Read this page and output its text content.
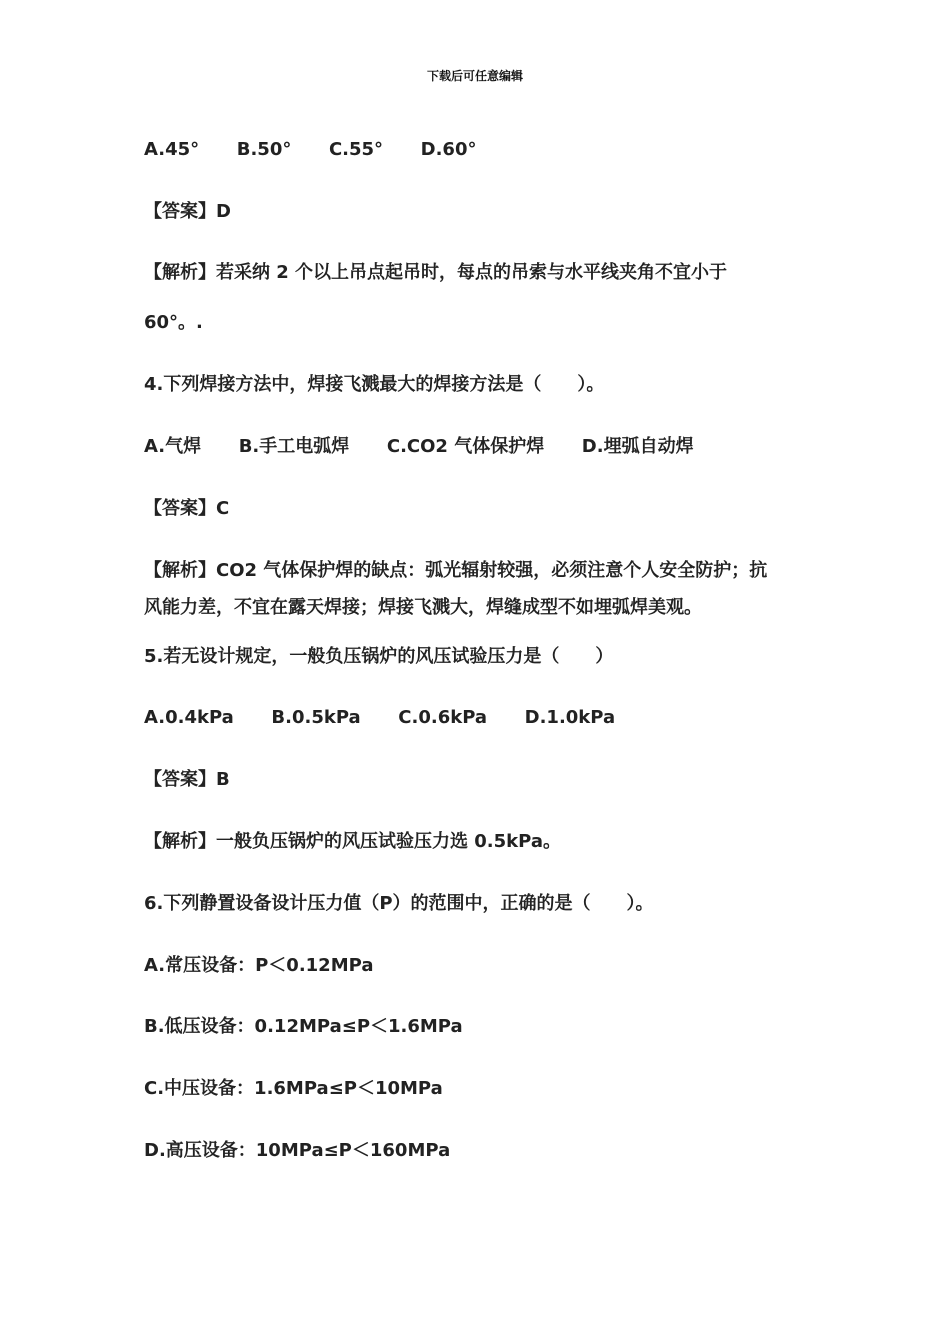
下载后可任意编辑
A.45°      B.50°      C.55°      D.60°
【答案】D
【解析】若采纳 2 个以上吊点起吊时，每点的吊索与水平线夹角不宜小于
60°。.
4.下列焊接方法中，焊接飞溅最大的焊接方法是（　　）。
A.气焊      B.手工电弧焊      C.CO2 气体保护焊      D.埋弧自动焊
【答案】C
【解析】CO2 气体保护焊的缺点：弧光辐射较强，必须注意个人安全防护；抗
风能力差，不宜在露天焊接；焊接飞溅大，焊缝成型不如埋弧焊美观。
5.若无设计规定，一般负压锅炉的风压试验压力是（　　）
A.0.4kPa      B.0.5kPa      C.0.6kPa      D.1.0kPa
【答案】B
【解析】一般负压锅炉的风压试验压力选 0.5kPa。
6.下列静置设备设计压力值（P）的范围中，正确的是（　　）。
A.常压设备：P＜0.12MPa
B.低压设备：0.12MPa≤P＜1.6MPa
C.中压设备：1.6MPa≤P＜10MPa
D.高压设备：10MPa≤P＜160MPa
